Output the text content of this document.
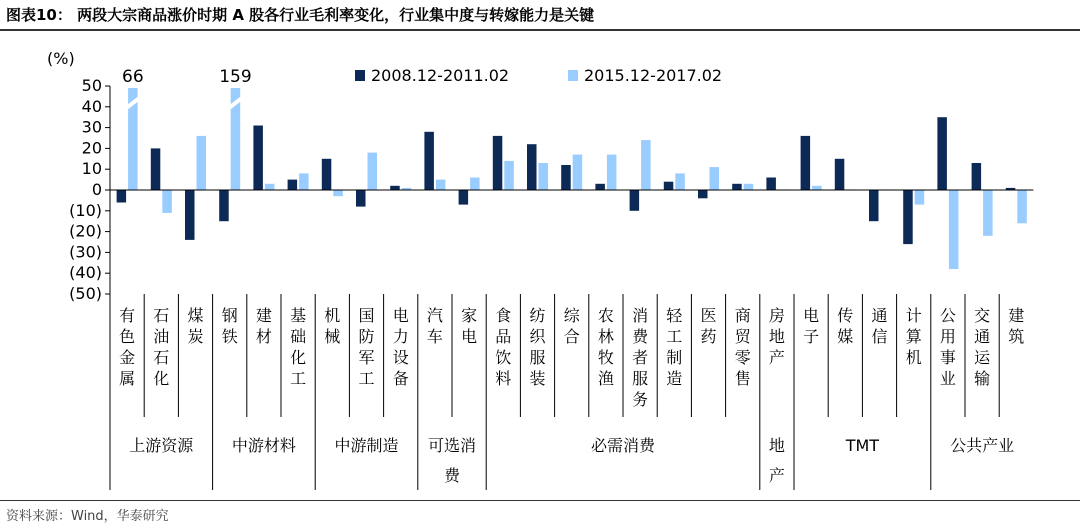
图表10： 两段大宗商品涨价时期 A 股各行业毛利率变化，行业集中度与转嫁能力是关键
(%)
50
40
30
20
10
0
(10)
(20)
(30)
(40)
(50)
66	159	2008.12-2011.02	2015.12-2017.02
有色金属
石油石化
煤炭
钢铁
建材
基础化工
机械
国防军工
电力设备
汽车
家电
食品饮料
纺织服装
综合
农林牧渔
消费者服务
轻工制造
医药
商贸零售
房地产
电子
传媒
通信
计算机
公用事业
交通运输
建筑
上游资源 中游材料 中游制造 可选消费
必需消费	地产
TMT	公共产业
资料来源：Wind，华泰研究
